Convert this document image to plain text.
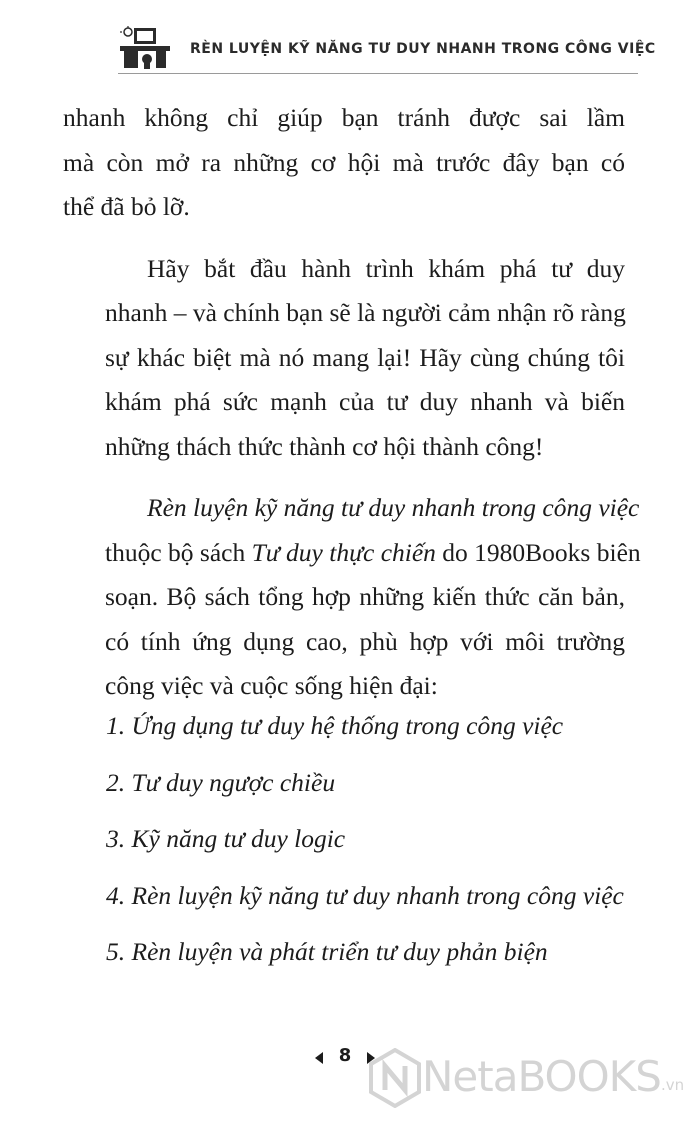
RÈN LUYỆN KỸ NĂNG TƯ DUY NHANH TRONG CÔNG VIỆC

nhanh không chỉ giúp bạn tránh được sai lầm
mà còn mở ra những cơ hội mà trước đây bạn có
thể đã bỏ lỡ.

Hãy bắt đầu hành trình khám phá tư duy
nhanh – và chính bạn sẽ là người cảm nhận rõ ràng
sự khác biệt mà nó mang lại! Hãy cùng chúng tôi
khám phá sức mạnh của tư duy nhanh và biến
những thách thức thành cơ hội thành công!

Rèn luyện kỹ năng tư duy nhanh trong công việc
thuộc bộ sách Tư duy thực chiến do 1980Books biên
soạn. Bộ sách tổng hợp những kiến thức căn bản,
có tính ứng dụng cao, phù hợp với môi trường
công việc và cuộc sống hiện đại:

1. Ứng dụng tư duy hệ thống trong công việc
2. Tư duy ngược chiều
3. Kỹ năng tư duy logic
4. Rèn luyện kỹ năng tư duy nhanh trong công việc
5. Rèn luyện và phát triển tư duy phản biện
8	NetaBOOKS .vn
